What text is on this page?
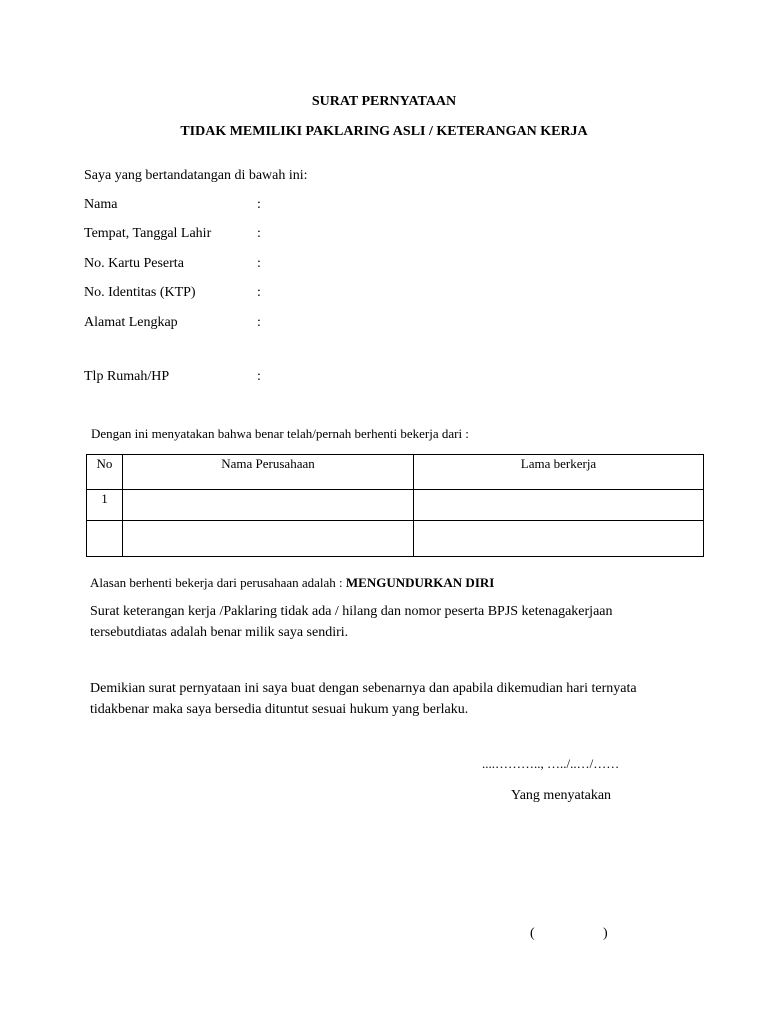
SURAT PERNYATAAN
TIDAK MEMILIKI PAKLARING ASLI / KETERANGAN KERJA
Saya yang bertandatangan di bawah ini:
Nama	:
Tempat, Tanggal Lahir	:
No. Kartu Peserta	:
No. Identitas (KTP)	:
Alamat Lengkap	:
Tlp Rumah/HP	:
Dengan ini menyatakan bahwa benar telah/pernah berhenti bekerja dari :
No	Nama Perusahaan	Lama berkerja
1		

Alasan berhenti bekerja dari perusahaan adalah : MENGUNDURKAN DIRI
Surat keterangan kerja /Paklaring tidak ada / hilang dan nomor peserta BPJS ketenagakerjaan tersebutdiatas adalah benar milik saya sendiri.
Demikian surat pernyataan ini saya buat dengan sebenarnya dan apabila dikemudian hari ternyata tidakbenar maka saya bersedia dituntut sesuai hukum yang berlaku.
....……….., …../..…/……
Yang menyatakan
(	)
